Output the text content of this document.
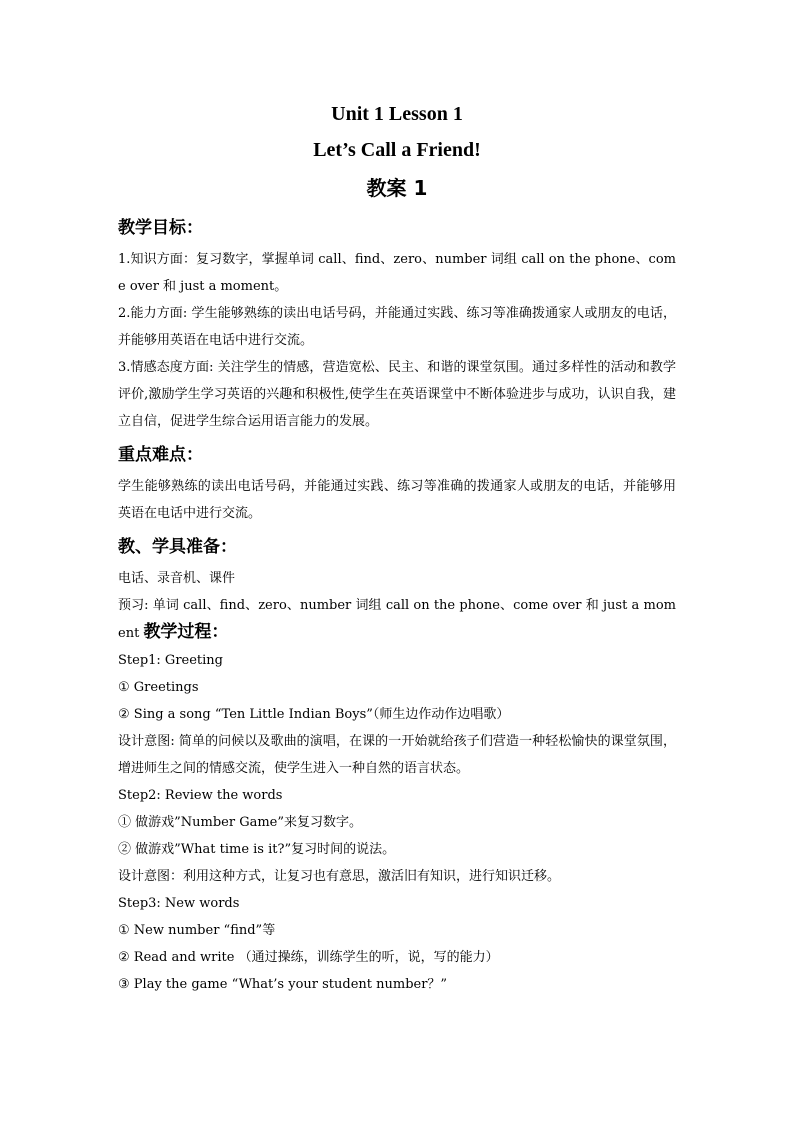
Unit 1 Lesson 1
Let’s Call a Friend!
教案 1
教学目标：

1.知识方面：复习数字，掌握单词 call、find、zero、number 词组 call on the phone、come over 和 just a moment。

2.能力方面: 学生能够熟练的读出电话号码，并能通过实践、练习等准确拨通家人或朋友的电话，并能够用英语在电话中进行交流。

3.情感态度方面: 关注学生的情感，营造宽松、民主、和谐的课堂氛围。通过多样性的活动和教学评价,激励学生学习英语的兴趣和积极性,使学生在英语课堂中不断体验进步与成功，认识自我，建立自信，促进学生综合运用语言能力的发展。

重点难点：

学生能够熟练的读出电话号码，并能通过实践、练习等准确的拨通家人或朋友的电话，并能够用英语在电话中进行交流。

教、学具准备：

电话、录音机、课件

预习: 单词 call、find、zero、number 词组 call on the phone、come over 和 just a moment 教学过程：

Step1: Greeting

① Greetings

② Sing a song “Ten Little Indian Boys”（师生边作动作边唱歌）

设计意图: 简单的问候以及歌曲的演唱，在课的一开始就给孩子们营造一种轻松愉快的课堂氛围，增进师生之间的情感交流，使学生进入一种自然的语言状态。

Step2: Review the words

① 做游戏”Number Game”来复习数字。

② 做游戏”What time is it?”复习时间的说法。

设计意图：利用这种方式，让复习也有意思，激活旧有知识，进行知识迁移。

Step3: New words

① New number “find”等

② Read and write （通过操练，训练学生的听，说，写的能力）

③ Play the game “What’s your student number？”
